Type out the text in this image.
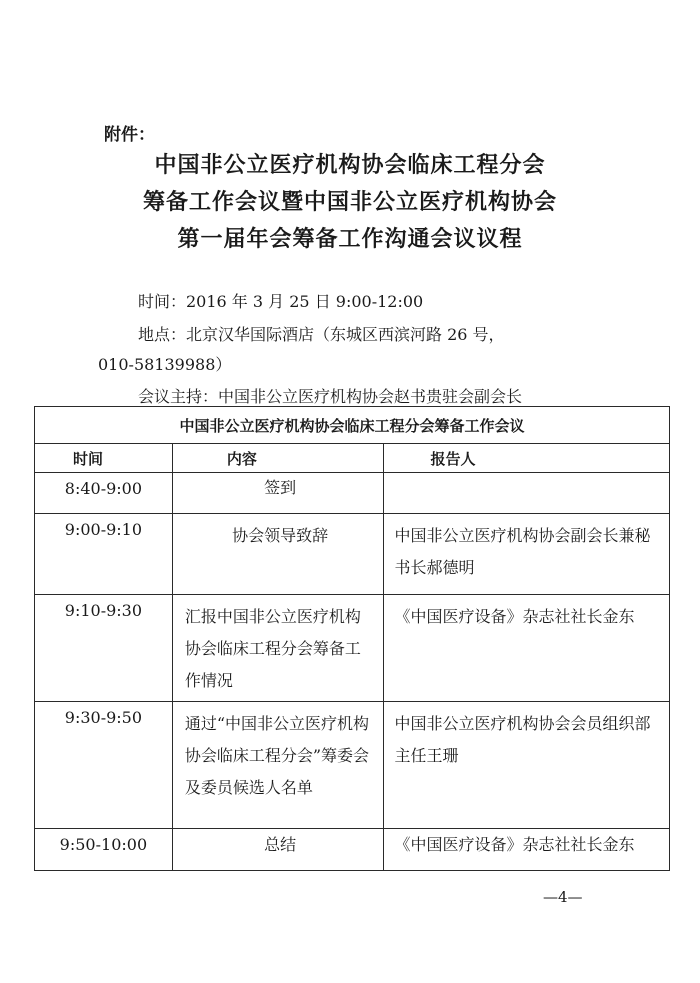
附件：
中国非公立医疗机构协会临床工程分会
筹备工作会议暨中国非公立医疗机构协会
第一届年会筹备工作沟通会议议程
时间：2016 年 3 月 25 日 9:00-12:00
地点：北京汉华国际酒店（东城区西滨河路 26 号，
010-58139988）
会议主持：中国非公立医疗机构协会赵书贵驻会副会长
中国非公立医疗机构协会临床工程分会筹备工作会议		
时间	内容	报告人
8:40-9:00	签到	
9:00-9:10	协会领导致辞	中国非公立医疗机构协会副会长兼秘书长郝德明
9:10-9:30	汇报中国非公立医疗机构协会临床工程分会筹备工作情况	《中国医疗设备》杂志社社长金东
9:30-9:50	通过“中国非公立医疗机构协会临床工程分会”筹委会及委员候选人名单	中国非公立医疗机构协会会员组织部主任王珊
9:50-10:00	总结	《中国医疗设备》杂志社社长金东
—4—
